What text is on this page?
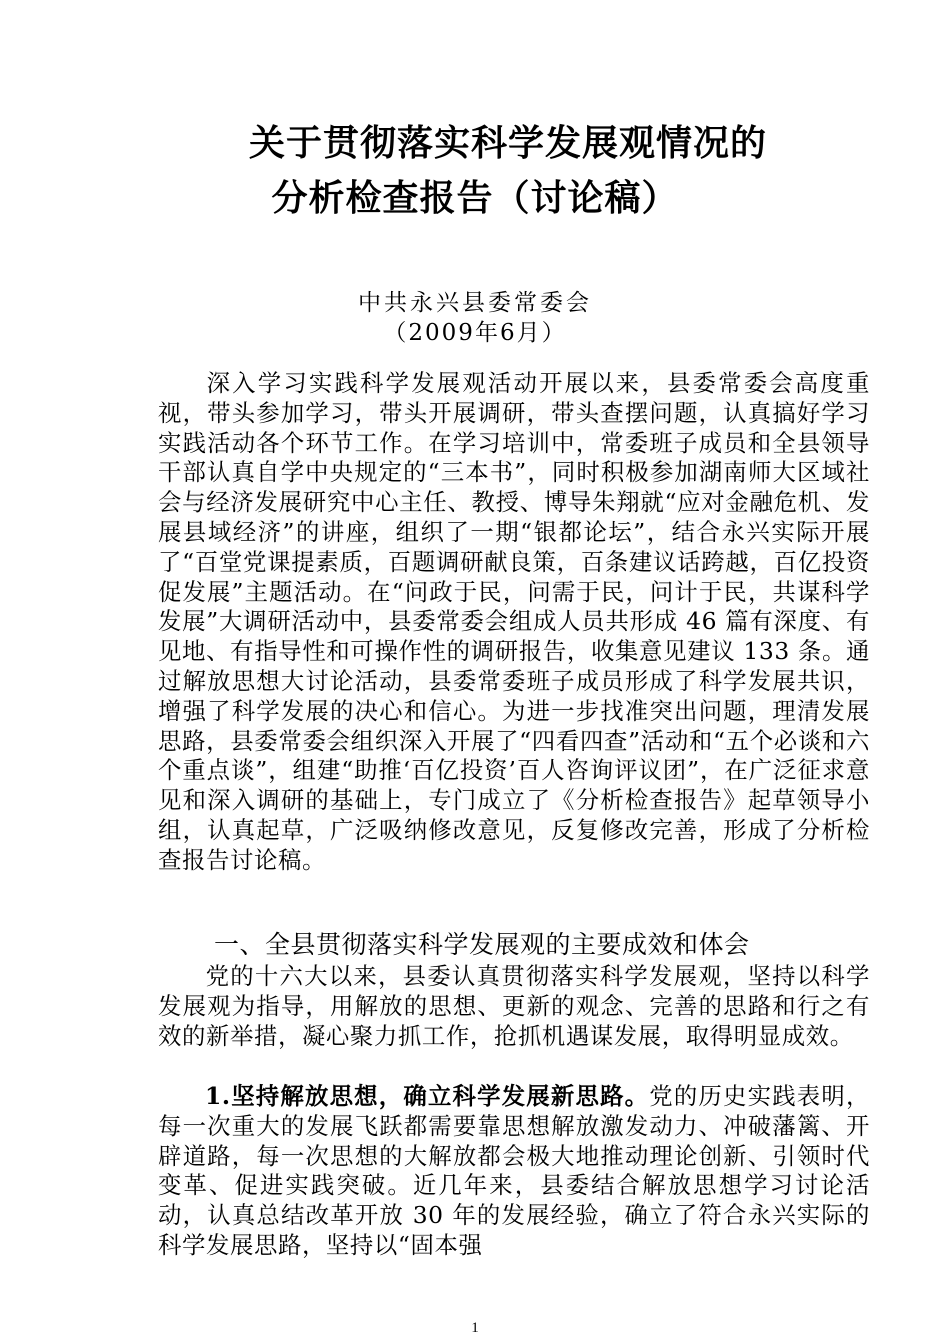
关于贯彻落实科学发展观情况的
分析检查报告（讨论稿）
中共永兴县委常委会
（2009年6月）
深入学习实践科学发展观活动开展以来，县委常委会高度重视，带头参加学习，带头开展调研，带头查摆问题，认真搞好学习实践活动各个环节工作。在学习培训中，常委班子成员和全县领导干部认真自学中央规定的“三本书”，同时积极参加湖南师大区域社会与经济发展研究中心主任、教授、博导朱翔就“应对金融危机、发展县域经济”的讲座，组织了一期“银都论坛”，结合永兴实际开展了“百堂党课提素质，百题调研献良策，百条建议话跨越，百亿投资促发展”主题活动。在“问政于民，问需于民，问计于民，共谋科学发展”大调研活动中，县委常委会组成人员共形成 46 篇有深度、有见地、有指导性和可操作性的调研报告，收集意见建议 133 条。通过解放思想大讨论活动，县委常委班子成员形成了科学发展共识，增强了科学发展的决心和信心。为进一步找准突出问题，理清发展思路，县委常委会组织深入开展了“四看四查”活动和“五个必谈和六个重点谈”，组建“助推‘百亿投资’百人咨询评议团”，在广泛征求意见和深入调研的基础上，专门成立了《分析检查报告》起草领导小组，认真起草，广泛吸纳修改意见，反复修改完善，形成了分析检查报告讨论稿。
一、全县贯彻落实科学发展观的主要成效和体会
党的十六大以来，县委认真贯彻落实科学发展观，坚持以科学发展观为指导，用解放的思想、更新的观念、完善的思路和行之有效的新举措，凝心聚力抓工作，抢抓机遇谋发展，取得明显成效。
1.坚持解放思想，确立科学发展新思路。党的历史实践表明，每一次重大的发展飞跃都需要靠思想解放激发动力、冲破藩篱、开辟道路，每一次思想的大解放都会极大地推动理论创新、引领时代变革、促进实践突破。近几年来，县委结合解放思想学习讨论活动，认真总结改革开放 30 年的发展经验，确立了符合永兴实际的科学发展思路，坚持以“固本强
1
